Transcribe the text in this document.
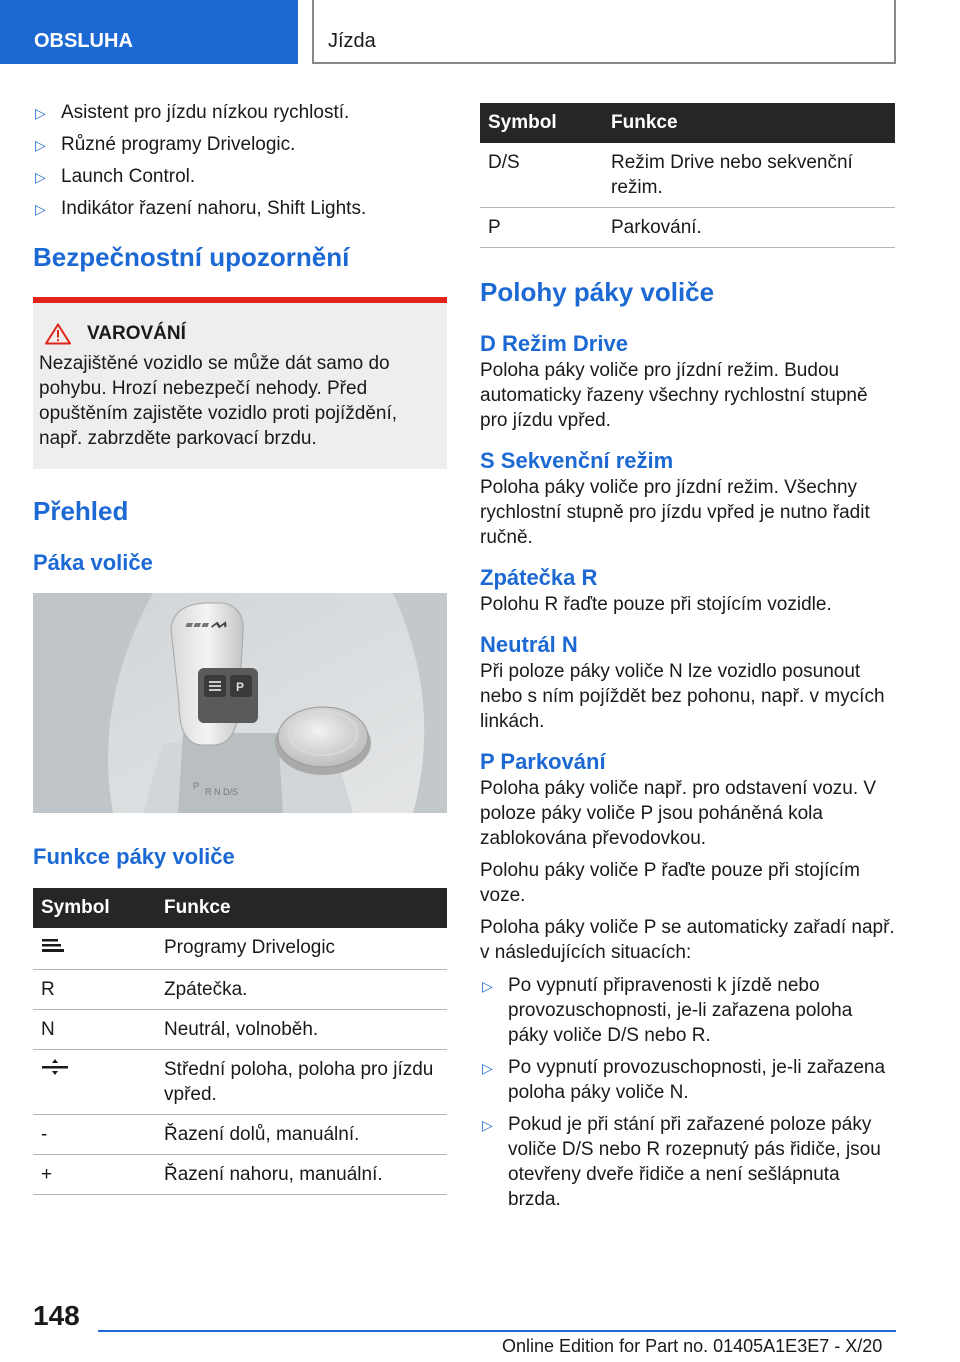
OBSLUHA	Jízda
▷ Asistent pro jízdu nízkou rychlostí.
▷ Různé programy Drivelogic.
▷ Launch Control.
▷ Indikátor řazení nahoru, Shift Lights.
Bezpečnostní upozornění
VAROVÁNÍ

Nezajištěné vozidlo se může dát samo do pohybu. Hrozí nebezpečí nehody. Před opuštěním zajistěte vozidlo proti pojíždění, např. zabrzděte parkovací brzdu.

Přehled
Páka voliče
P
R N D/S
P
Funkce páky voliče
Symbol	Funkce
	Programy Drivelogic
R	Zpátečka.
N	Neutrál, volnoběh.
	Střední poloha, poloha pro jízdu vpřed.
-	Řazení dolů, manuální.
+	Řazení nahoru, manuální.
Symbol	Funkce
D/S	Režim Drive nebo sekvenční režim.
P	Parkování.
Polohy páky voliče
D Režim Drive

Poloha páky voliče pro jízdní režim. Budou automaticky řazeny všechny rychlostní stupně pro jízdu vpřed.

S Sekvenční režim

Poloha páky voliče pro jízdní režim. Všechny rychlostní stupně pro jízdu vpřed je nutno řadit ručně.

Zpátečka R

Polohu R řaďte pouze při stojícím vozidle.

Neutrál N

Při poloze páky voliče N lze vozidlo posunout nebo s ním pojíždět bez pohonu, např. v mycích linkách.

P Parkování

Poloha páky voliče např. pro odstavení vozu. V poloze páky voliče P jsou poháněná kola zablokována převodovkou.

Polohu páky voliče P řaďte pouze při stojícím voze.

Poloha páky voliče P se automaticky zařadí např. v následujících situacích:

▷ Po vypnutí připravenosti k jízdě nebo provozuschopnosti, je-li zařazena poloha páky voliče D/S nebo R.
▷ Po vypnutí provozuschopnosti, je-li zařazena poloha páky voliče N.
▷ Pokud je při stání při zařazené poloze páky voliče D/S nebo R rozepnutý pás řidiče, jsou otevřeny dveře řidiče a není sešlápnuta brzda.
148
Online Edition for Part no. 01405A1E3E7 - X/20
